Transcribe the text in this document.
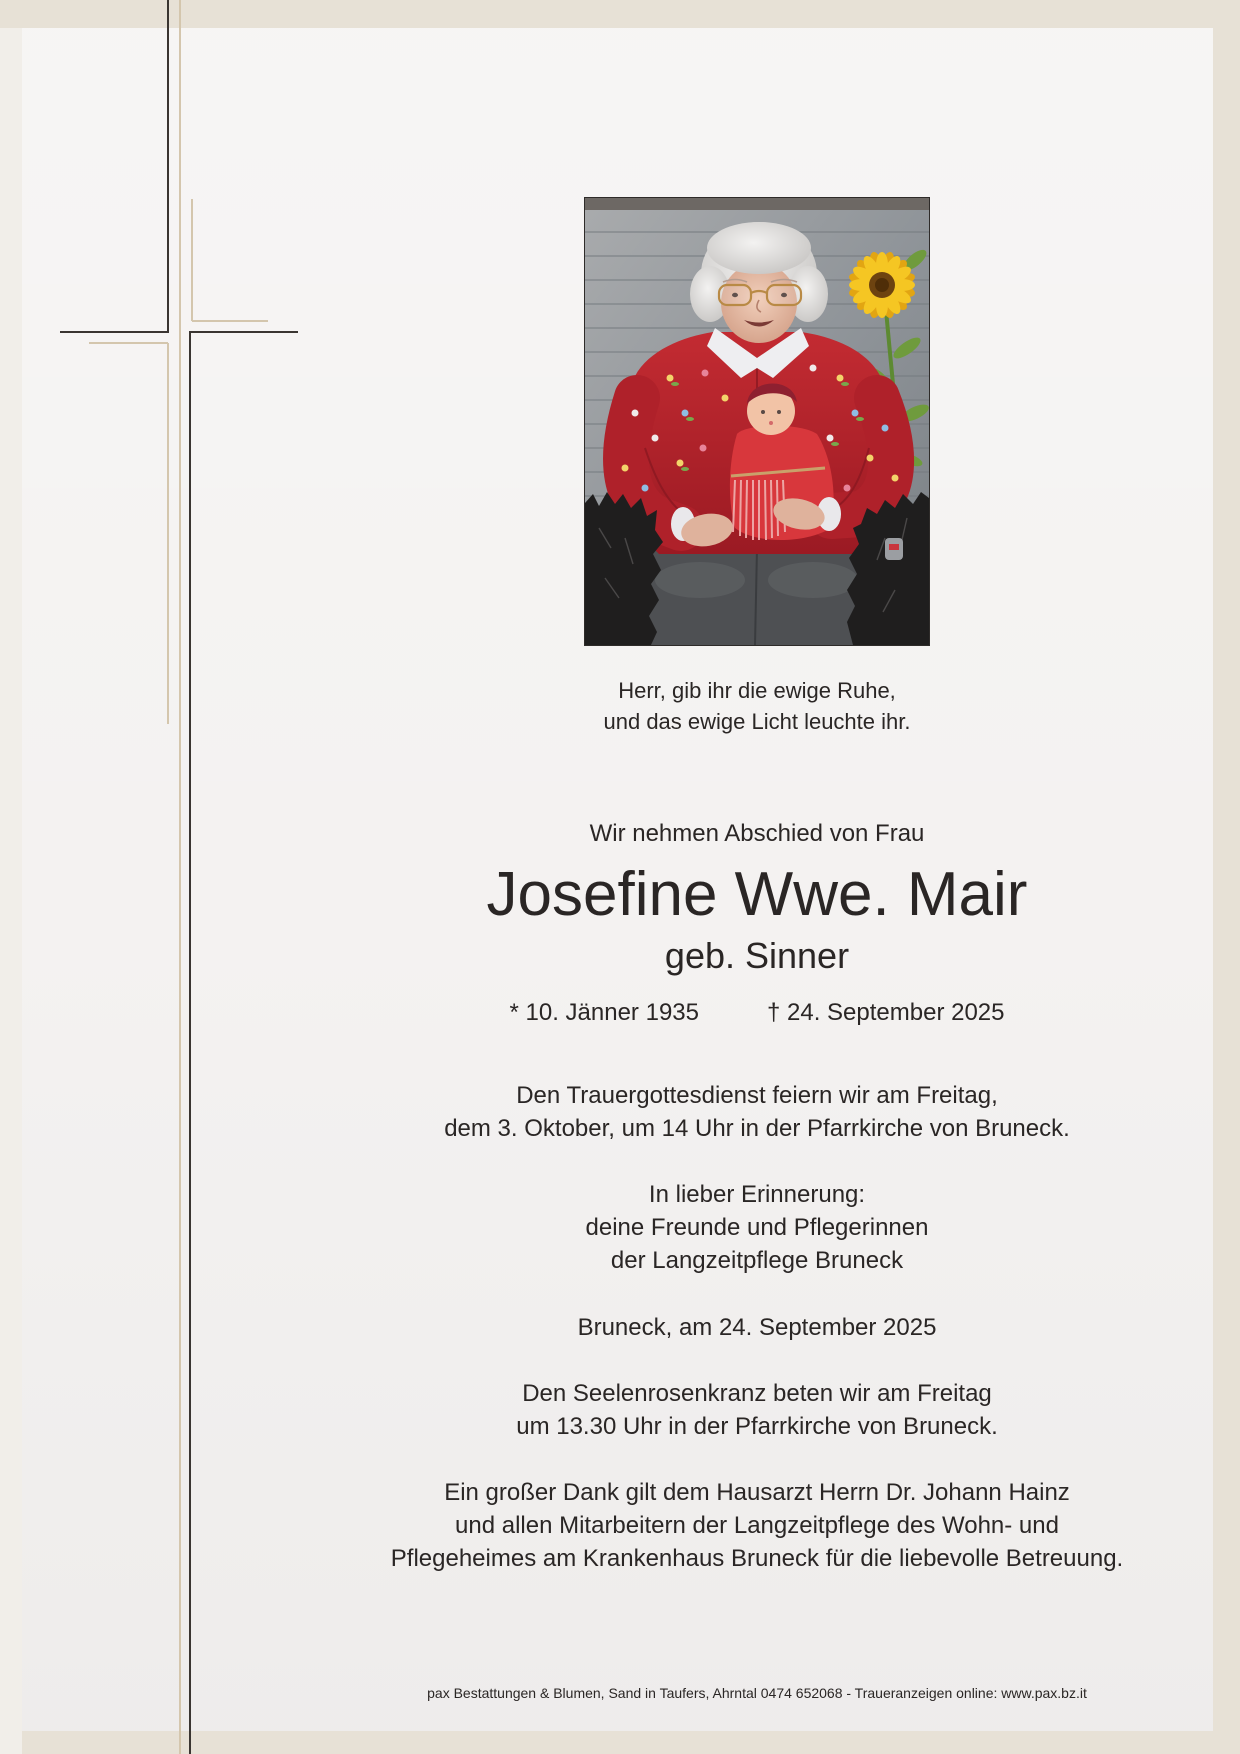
Herr, gib ihr die ewige Ruhe,
und das ewige Licht leuchte ihr.
Wir nehmen Abschied von Frau
Josefine Wwe. Mair
geb. Sinner
* 10. Jänner 1935	† 24. September 2025
Den Trauergottesdienst feiern wir am Freitag,
dem 3. Oktober, um 14 Uhr in der Pfarrkirche von Bruneck.
In lieber Erinnerung:
deine Freunde und Pflegerinnen
der Langzeitpflege Bruneck
Bruneck, am 24. September 2025
Den Seelenrosenkranz beten wir am Freitag
um 13.30 Uhr in der Pfarrkirche von Bruneck.
Ein großer Dank gilt dem Hausarzt Herrn Dr. Johann Hainz
und allen Mitarbeitern der Langzeitpflege des Wohn- und
Pflegeheimes am Krankenhaus Bruneck für die liebevolle Betreuung.
pax Bestattungen & Blumen, Sand in Taufers, Ahrntal 0474 652068 - Traueranzeigen online: www.pax.bz.it
